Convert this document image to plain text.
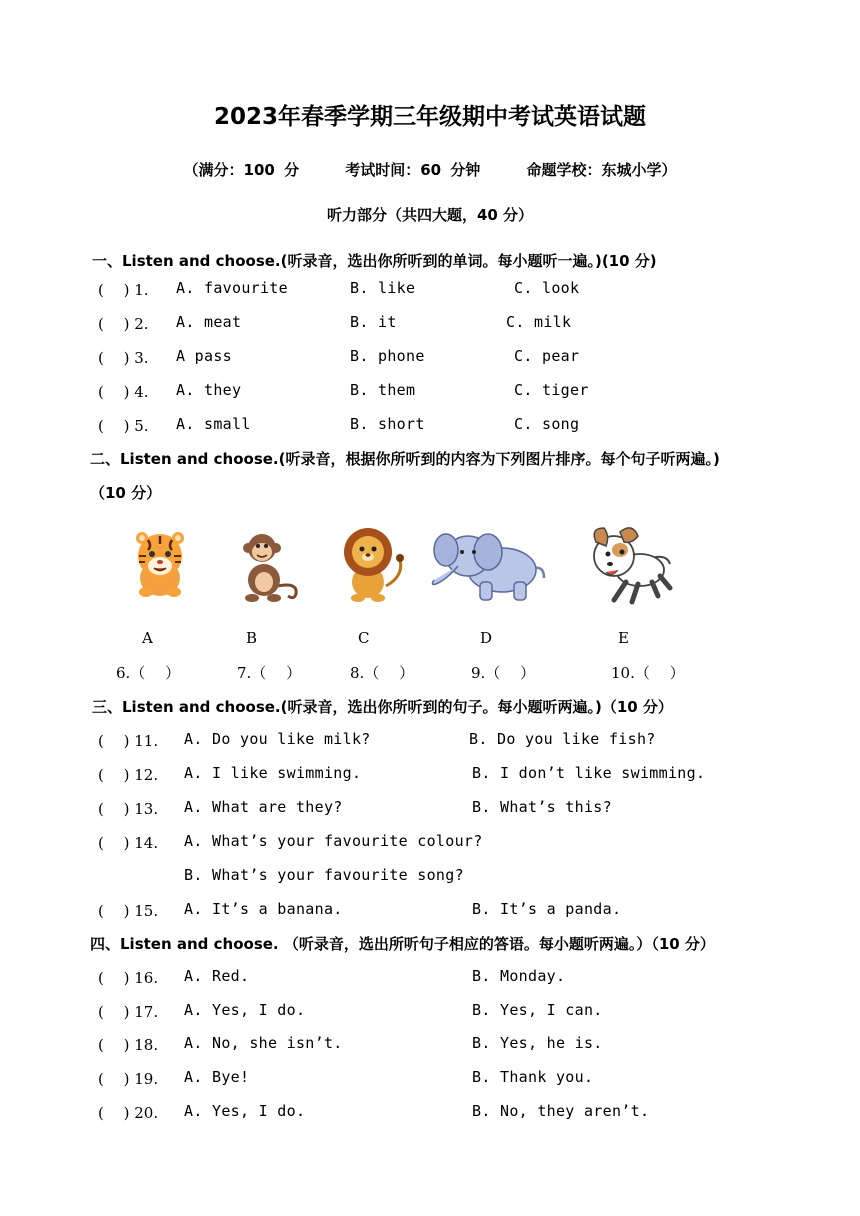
2023年春季学期三年级期中考试英语试题
（满分：100 分	考试时间：60 分钟	命题学校：东城小学）
听力部分（共四大题，40 分）
一、Listen and choose.(听录音，选出你所听到的单词。每小题听一遍。)(10 分)
(　 ) 1. A. favourite	B. like	C. look
(　 ) 2. A. meat	B. it	C. milk
(　 ) 3. A pass	B. phone	C. pear
(　 ) 4. A. they	B. them	C. tiger
(　 ) 5. A. small	B. short	C. song
二、Listen and choose.(听录音，根据你所听到的内容为下列图片排序。每个句子听两遍。)
（10 分）
A	B	C	D	E
6.（　 ）	7.（　 ）	8.（　 ）	9.（　 ）	10.（　 ）
三、Listen and choose.(听录音，选出你所听到的句子。每小题听两遍。)（10 分）
(　 ) 11. A. Do you like milk?	B. Do you like fish?
(　 ) 12. A. I like swimming.	B. I don’t like swimming.
(　 ) 13. A. What are they?	B. What’s this?
(　 ) 14. A. What’s your favourite colour?
B. What’s your favourite song?
(　 ) 15. A. It’s a banana.	B. It’s a panda.
四、Listen and choose. （听录音，选出所听句子相应的答语。每小题听两遍。）（10 分）
(　 ) 16. A. Red.	B. Monday.
(　 ) 17. A. Yes, I do.	B. Yes, I can.
(　 ) 18. A. No, she isn’t.	B. Yes, he is.
(　 ) 19. A. Bye!	B. Thank you.
(　 ) 20. A. Yes, I do.	B. No, they aren’t.
